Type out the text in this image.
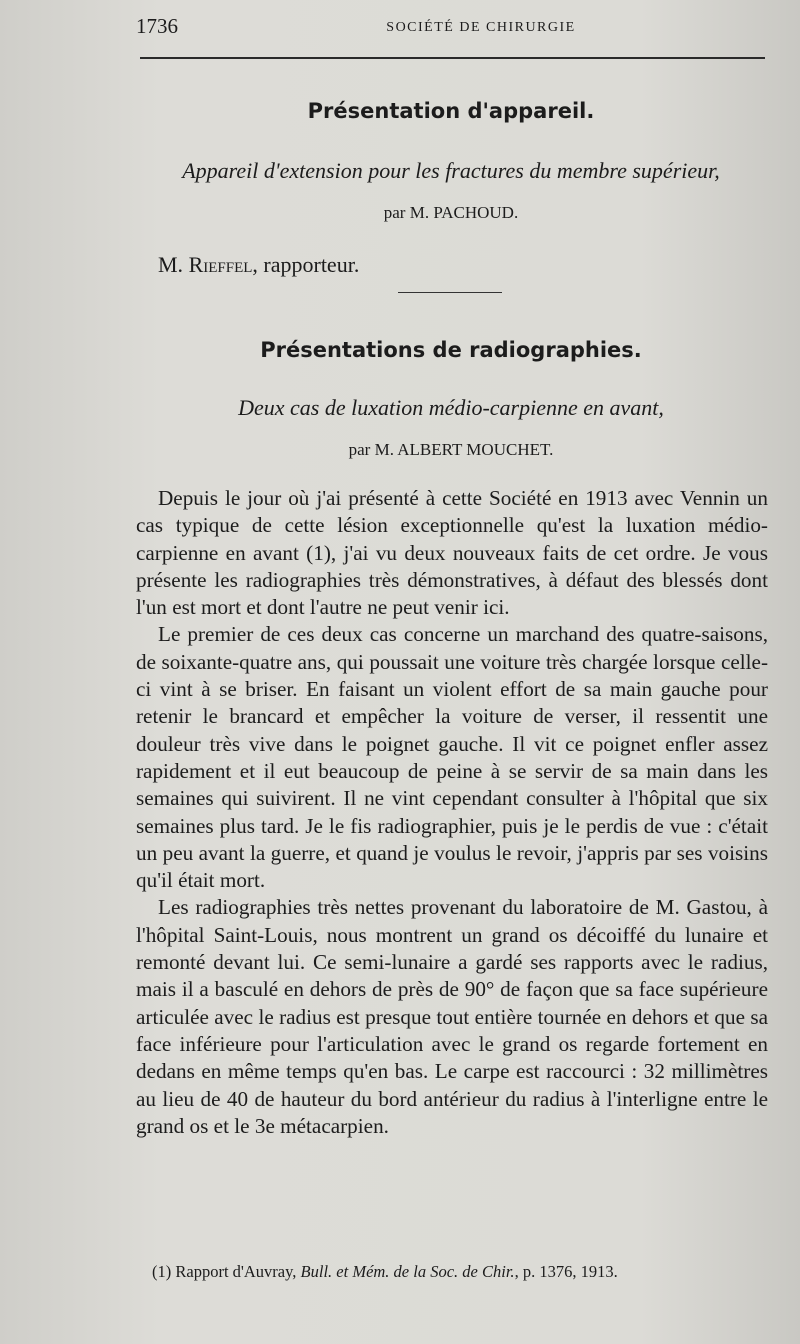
1736	SOCIÉTÉ DE CHIRURGIE
Présentation d'appareil.
Appareil d'extension pour les fractures du membre supérieur,
par M. PACHOUD.
M. Rieffel, rapporteur.
Présentations de radiographies.
Deux cas de luxation médio-carpienne en avant,
par M. ALBERT MOUCHET.

Depuis le jour où j'ai présenté à cette Société en 1913 avec Vennin un cas typique de cette lésion exceptionnelle qu'est la luxation médio-carpienne en avant (1), j'ai vu deux nouveaux faits de cet ordre. Je vous présente les radiographies très démonstratives, à défaut des blessés dont l'un est mort et dont l'autre ne peut venir ici.

Le premier de ces deux cas concerne un marchand des quatre-saisons, de soixante-quatre ans, qui poussait une voiture très chargée lorsque celle-ci vint à se briser. En faisant un violent effort de sa main gauche pour retenir le brancard et empêcher la voiture de verser, il ressentit une douleur très vive dans le poignet gauche. Il vit ce poignet enfler assez rapidement et il eut beaucoup de peine à se servir de sa main dans les semaines qui suivirent. Il ne vint cependant consulter à l'hôpital que six semaines plus tard. Je le fis radiographier, puis je le perdis de vue : c'était un peu avant la guerre, et quand je voulus le revoir, j'appris par ses voisins qu'il était mort.

Les radiographies très nettes provenant du laboratoire de M. Gastou, à l'hôpital Saint-Louis, nous montrent un grand os décoiffé du lunaire et remonté devant lui. Ce semi-lunaire a gardé ses rapports avec le radius, mais il a basculé en dehors de près de 90° de façon que sa face supérieure articulée avec le radius est presque tout entière tournée en dehors et que sa face inférieure pour l'articulation avec le grand os regarde fortement en dedans en même temps qu'en bas. Le carpe est raccourci : 32 millimètres au lieu de 40 de hauteur du bord antérieur du radius à l'interligne entre le grand os et le 3e métacarpien.

(1) Rapport d'Auvray, Bull. et Mém. de la Soc. de Chir., p. 1376, 1913.
